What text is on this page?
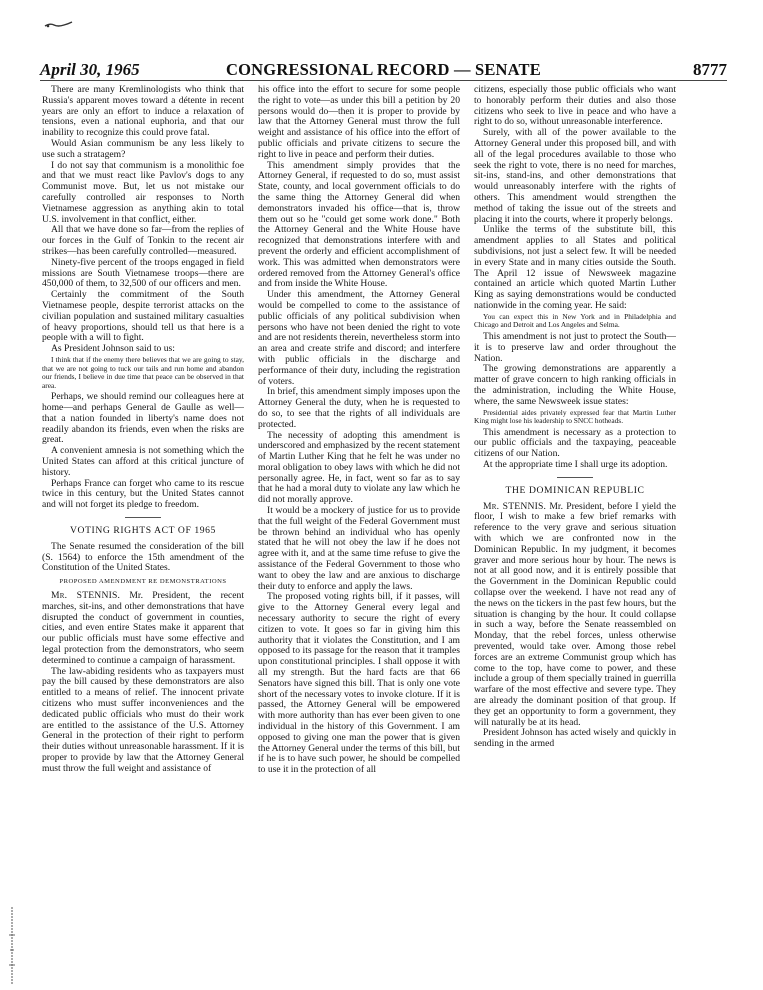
April 30, 1965	CONGRESSIONAL RECORD — SENATE	8777

There are many Kremlinologists who think that Russia's apparent moves toward a détente in recent years are only an effort to induce a relaxation of tensions, even a national euphoria, and that our inability to recognize this could prove fatal.

Would Asian communism be any less likely to use such a stratagem?

I do not say that communism is a monolithic foe and that we must react like Pavlov's dogs to any Communist move. But, let us not mistake our carefully controlled air responses to North Vietnamese aggression as anything akin to total U.S. involvement in that conflict, either.

All that we have done so far—from the replies of our forces in the Gulf of Tonkin to the recent air strikes—has been carefully controlled—measured.

Ninety-five percent of the troops engaged in field missions are South Vietnamese troops—there are 450,000 of them, to 32,500 of our officers and men.

Certainly the commitment of the South Vietnamese people, despite terrorist attacks on the civilian population and sustained military casualties of heavy proportions, should tell us that here is a people with a will to fight.

As President Johnson said to us:

I think that if the enemy there believes that we are going to stay, that we are not going to tuck our tails and run home and abandon our friends, I believe in due time that peace can be observed in that area.

Perhaps, we should remind our colleagues here at home—and perhaps General de Gaulle as well—that a nation founded in liberty's name does not readily abandon its friends, even when the risks are great.

A convenient amnesia is not something which the United States can afford at this critical juncture of history.

Perhaps France can forget who came to its rescue twice in this century, but the United States cannot and will not forget its pledge to freedom.

VOTING RIGHTS ACT OF 1965

The Senate resumed the consideration of the bill (S. 1564) to enforce the 15th amendment of the Constitution of the United States.

PROPOSED AMENDMENT RE DEMONSTRATIONS

Mr. STENNIS. Mr. President, the recent marches, sit-ins, and other demonstrations that have disrupted the conduct of government in counties, cities, and even entire States make it apparent that our public officials must have some effective and legal protection from the demonstrators, who seem determined to continue a campaign of harassment.

The law-abiding residents who as taxpayers must pay the bill caused by these demonstrators are also entitled to a means of relief. The innocent private citizens who must suffer inconveniences and the dedicated public officials who must do their work are entitled to the assistance of the U.S. Attorney General in the protection of their right to perform their duties without unreasonable harassment. If it is proper to provide by law that the Attorney General must throw the full weight and assistance of

his office into the effort to secure for some people the right to vote—as under this bill a petition by 20 persons would do—then it is proper to provide by law that the Attorney General must throw the full weight and assistance of his office into the effort of public officials and private citizens to secure the right to live in peace and perform their duties.

This amendment simply provides that the Attorney General, if requested to do so, must assist State, county, and local government officials to do the same thing the Attorney General did when demonstrators invaded his office—that is, throw them out so he "could get some work done." Both the Attorney General and the White House have recognized that demonstrations interfere with and prevent the orderly and efficient accomplishment of work. This was admitted when demonstrators were ordered removed from the Attorney General's office and from inside the White House.

Under this amendment, the Attorney General would be compelled to come to the assistance of public officials of any political subdivision when persons who have not been denied the right to vote and are not residents therein, nevertheless storm into an area and create strife and discord; and interfere with public officials in the discharge and performance of their duty, including the registration of voters.

In brief, this amendment simply imposes upon the Attorney General the duty, when he is requested to do so, to see that the rights of all individuals are protected.

The necessity of adopting this amendment is underscored and emphasized by the recent statement of Martin Luther King that he felt he was under no moral obligation to obey laws with which he did not personally agree. He, in fact, went so far as to say that he had a moral duty to violate any law which he did not morally approve.

It would be a mockery of justice for us to provide that the full weight of the Federal Government must be thrown behind an individual who has openly stated that he will not obey the law if he does not agree with it, and at the same time refuse to give the assistance of the Federal Government to those who want to obey the law and are anxious to discharge their duty to enforce and apply the laws.

The proposed voting rights bill, if it passes, will give to the Attorney General every legal and necessary authority to secure the right of every citizen to vote. It goes so far in giving him this authority that it violates the Constitution, and I am opposed to its passage for the reason that it tramples upon constitutional principles. I shall oppose it with all my strength. But the hard facts are that 66 Senators have signed this bill. That is only one vote short of the necessary votes to invoke cloture. If it is passed, the Attorney General will be empowered with more authority than has ever been given to one individual in the history of this Government. I am opposed to giving one man the power that is given the Attorney General under the terms of this bill, but if he is to have such power, he should be compelled to use it in the protection of all

citizens, especially those public officials who want to honorably perform their duties and also those citizens who seek to live in peace and who have a right to do so, without unreasonable interference.

Surely, with all of the power available to the Attorney General under this proposed bill, and with all of the legal procedures available to those who seek the right to vote, there is no need for marches, sit-ins, stand-ins, and other demonstrations that would unreasonably interfere with the rights of others. This amendment would strengthen the method of taking the issue out of the streets and placing it into the courts, where it properly belongs.

Unlike the terms of the substitute bill, this amendment applies to all States and political subdivisions, not just a select few. It will be needed in every State and in many cities outside the South. The April 12 issue of Newsweek magazine contained an article which quoted Martin Luther King as saying demonstrations would be conducted nationwide in the coming year. He said:

You can expect this in New York and in Philadelphia and Chicago and Detroit and Los Angeles and Selma.

This amendment is not just to protect the South—it is to preserve law and order throughout the Nation.

The growing demonstrations are apparently a matter of grave concern to high ranking officials in the administration, including the White House, where, the same Newsweek issue states:

Presidential aides privately expressed fear that Martin Luther King might lose his leadership to SNCC hotheads.

This amendment is necessary as a protection to our public officials and the taxpaying, peaceable citizens of our Nation.

At the appropriate time I shall urge its adoption.

THE DOMINICAN REPUBLIC

Mr. STENNIS. Mr. President, before I yield the floor, I wish to make a few brief remarks with reference to the very grave and serious situation with which we are confronted now in the Dominican Republic. In my judgment, it becomes graver and more serious hour by hour. The news is not at all good now, and it is entirely possible that the Government in the Dominican Republic could collapse over the weekend. I have not read any of the news on the tickers in the past few hours, but the situation is changing by the hour. It could collapse in such a way, before the Senate reassembled on Monday, that the rebel forces, unless otherwise prevented, would take over. Among those rebel forces are an extreme Communist group which has come to the top, have come to power, and these include a group of them specially trained in guerrilla warfare of the most effective and severe type. They are already the dominant position of that group. If they get an opportunity to form a government, they will naturally be at its head.

President Johnson has acted wisely and quickly in sending in the armed
